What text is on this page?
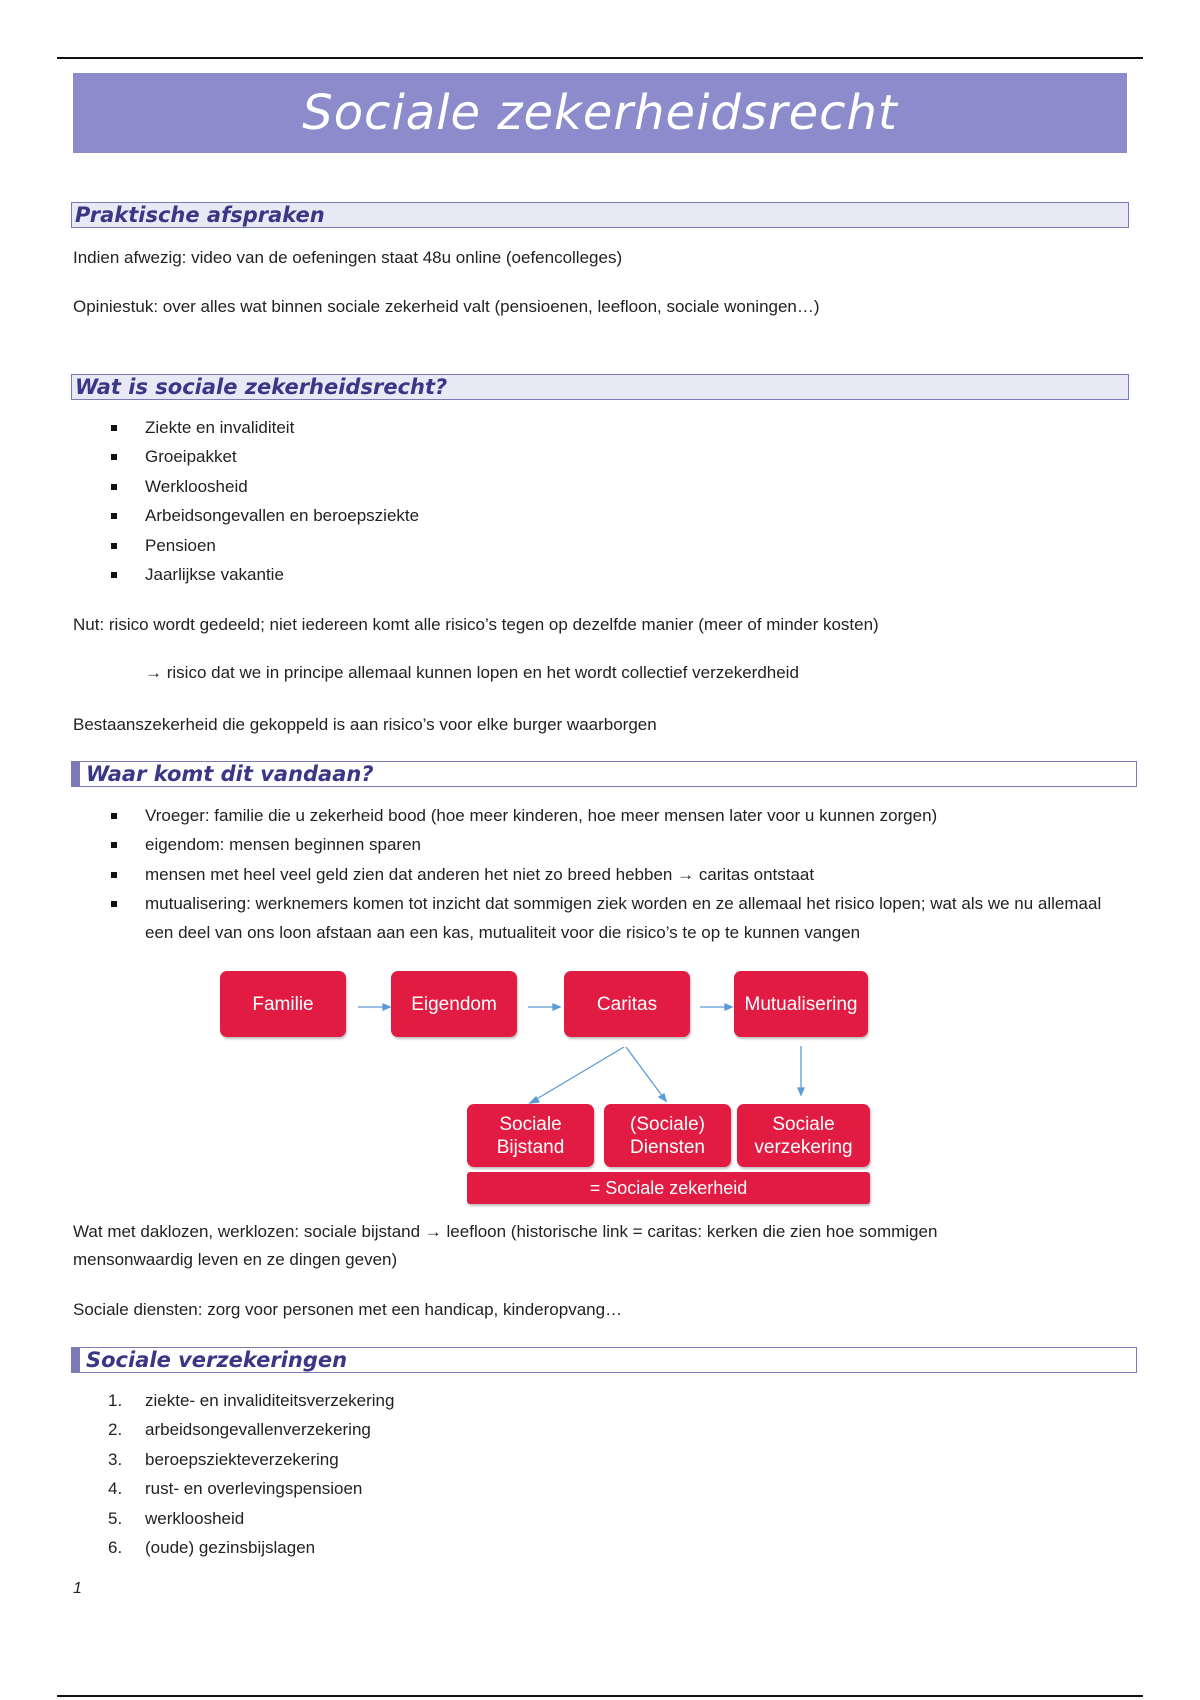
Sociale zekerheidsrecht
Praktische afspraken
Indien afwezig: video van de oefeningen staat 48u online (oefencolleges)
Opiniestuk: over alles wat binnen sociale zekerheid valt (pensioenen, leefloon, sociale woningen…)
Wat is sociale zekerheidsrecht?
Ziekte en invaliditeit
Groeipakket
Werkloosheid
Arbeidsongevallen en beroepsziekte
Pensioen
Jaarlijkse vakantie
Nut: risico wordt gedeeld; niet iedereen komt alle risico’s tegen op dezelfde manier (meer of minder kosten)
→ risico dat we in principe allemaal kunnen lopen en het wordt collectief verzekerdheid
Bestaanszekerheid die gekoppeld is aan risico’s voor elke burger waarborgen
Waar komt dit vandaan?
Vroeger: familie die u zekerheid bood (hoe meer kinderen, hoe meer mensen later voor u kunnen zorgen)
eigendom: mensen beginnen sparen
mensen met heel veel geld zien dat anderen het niet zo breed hebben → caritas ontstaat
mutualisering: werknemers komen tot inzicht dat sommigen ziek worden en ze allemaal het risico lopen; wat als we nu allemaal een deel van ons loon afstaan aan een kas, mutualiteit voor die risico’s te op te kunnen vangen
Familie	Eigendom	Caritas	Mutualisering
Sociale
Bijstand
(Sociale)
Diensten
Sociale
verzekering
= Sociale zekerheid
Wat met daklozen, werklozen: sociale bijstand → leefloon (historische link = caritas: kerken die zien hoe sommigen mensonwaardig leven en ze dingen geven)
Sociale diensten: zorg voor personen met een handicap, kinderopvang…
Sociale verzekeringen
1. ziekte- en invaliditeitsverzekering
2. arbeidsongevallenverzekering
3. beroepsziekteverzekering
4. rust- en overlevingspensioen
5. werkloosheid
6. (oude) gezinsbijslagen
1
